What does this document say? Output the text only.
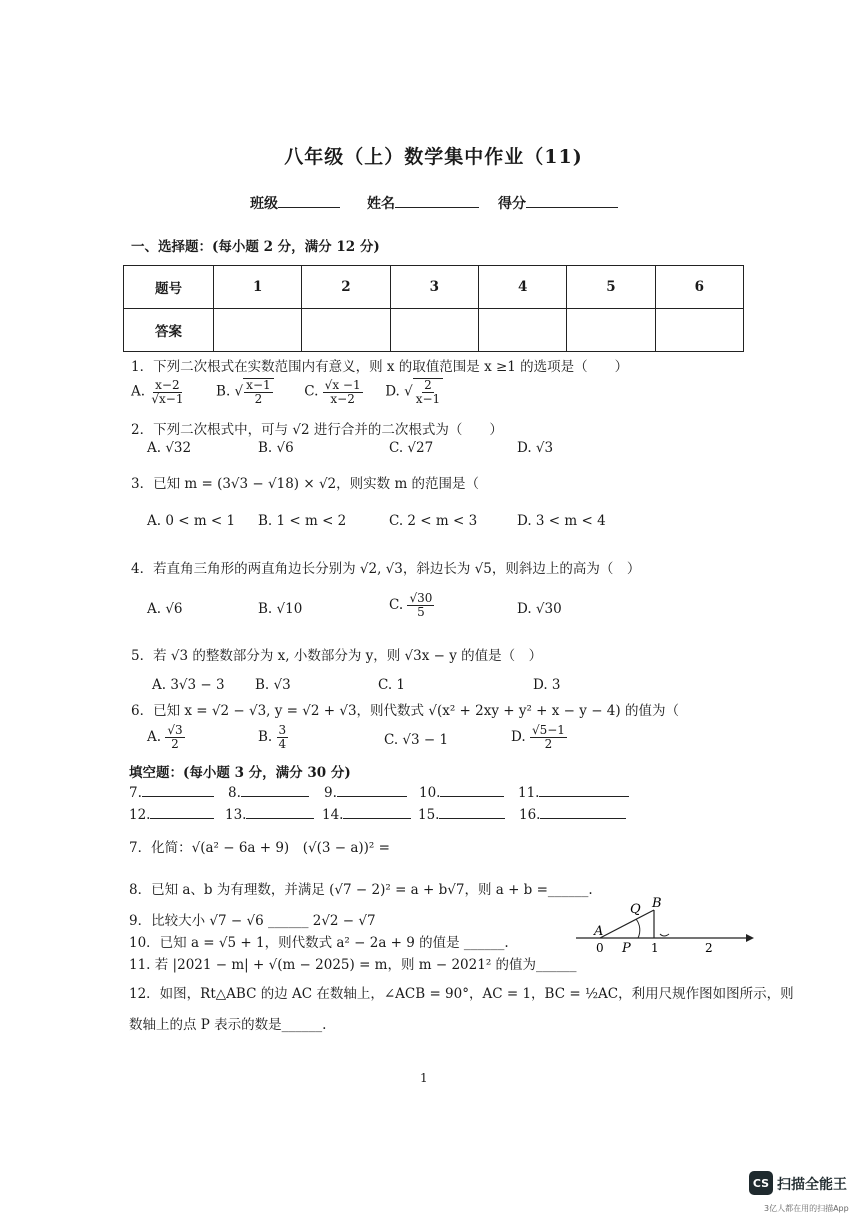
八年级（上）数学集中作业（11)
班级	姓名	得分
一、选择题：(每小题 2 分，满分 12 分)
题号	1	2	3	4	5	6
答案						
1．下列二次根式在实数范围内有意义，则 x 的取值范围是 x ≥1 的选项是（　　）
A. $\frac{x-2}{√x-1} B$. √ $\frac{x-1}{2} C$. $\frac{√x -1}{x-2} D$. √ $\frac{2}{x-1}$
2．下列二次根式中，可与 √2 进行合并的二次根式为（　　）
A. √32	B. √6	C. √27	D. √3
3．已知 m = (3√3 − √18) × √2，则实数 m 的范围是（
A. 0 < m < 1 B. 1 < m < 2	C. 2 < m < 3	D. 3 < m < 4
4．若直角三角形的两直角边长分别为 √2, √3，斜边长为 √5，则斜边上的高为（　）
A. √6	B. √10	C. $\frac{√30}{5}$	D. √30
5．若 √3 的整数部分为 x, 小数部分为 y，则 √3x − y 的值是（　）
A. 3√3 − 3 B. √3	C. 1	D. 3
6．已知 x = √2 − √3, y = √2 + √3，则代数式 √(x² + 2xy + y² + x − y − 4) 的值为（
A. $\frac{√3}{2}$	B. $\frac{3}{4}$	C. √3 − 1	D. $\frac{√5-1}{2}$
填空题：(每小题 3 分，满分 30 分)
7.	8.	9.	10.	11.
12.	13.	14.	15.	16.
7．化简：√(a² − 6a + 9)　(√(3 − a))² =
8．已知 a、b 为有理数，并满足 (√7 − 2)² = a + b√7，则 a + b =______.
9．比较大小 √7 − √6 ______ 2√2 − √7
10．已知 a = √5 + 1，则代数式 a² − 2a + 9 的值是 ______.
11. 若 |2021 − m| + √(m − 2025) = m，则 m − 2021² 的值为______
A
B
Q
P
0	1	2
12．如图，Rt△ABC 的边 AC 在数轴上，∠ACB = 90°，AC = 1，BC = ½AC，利用尺规作图如图所示，则
数轴上的点 P 表示的数是______.
1
CS 扫描全能王
3亿人都在用的扫描App
